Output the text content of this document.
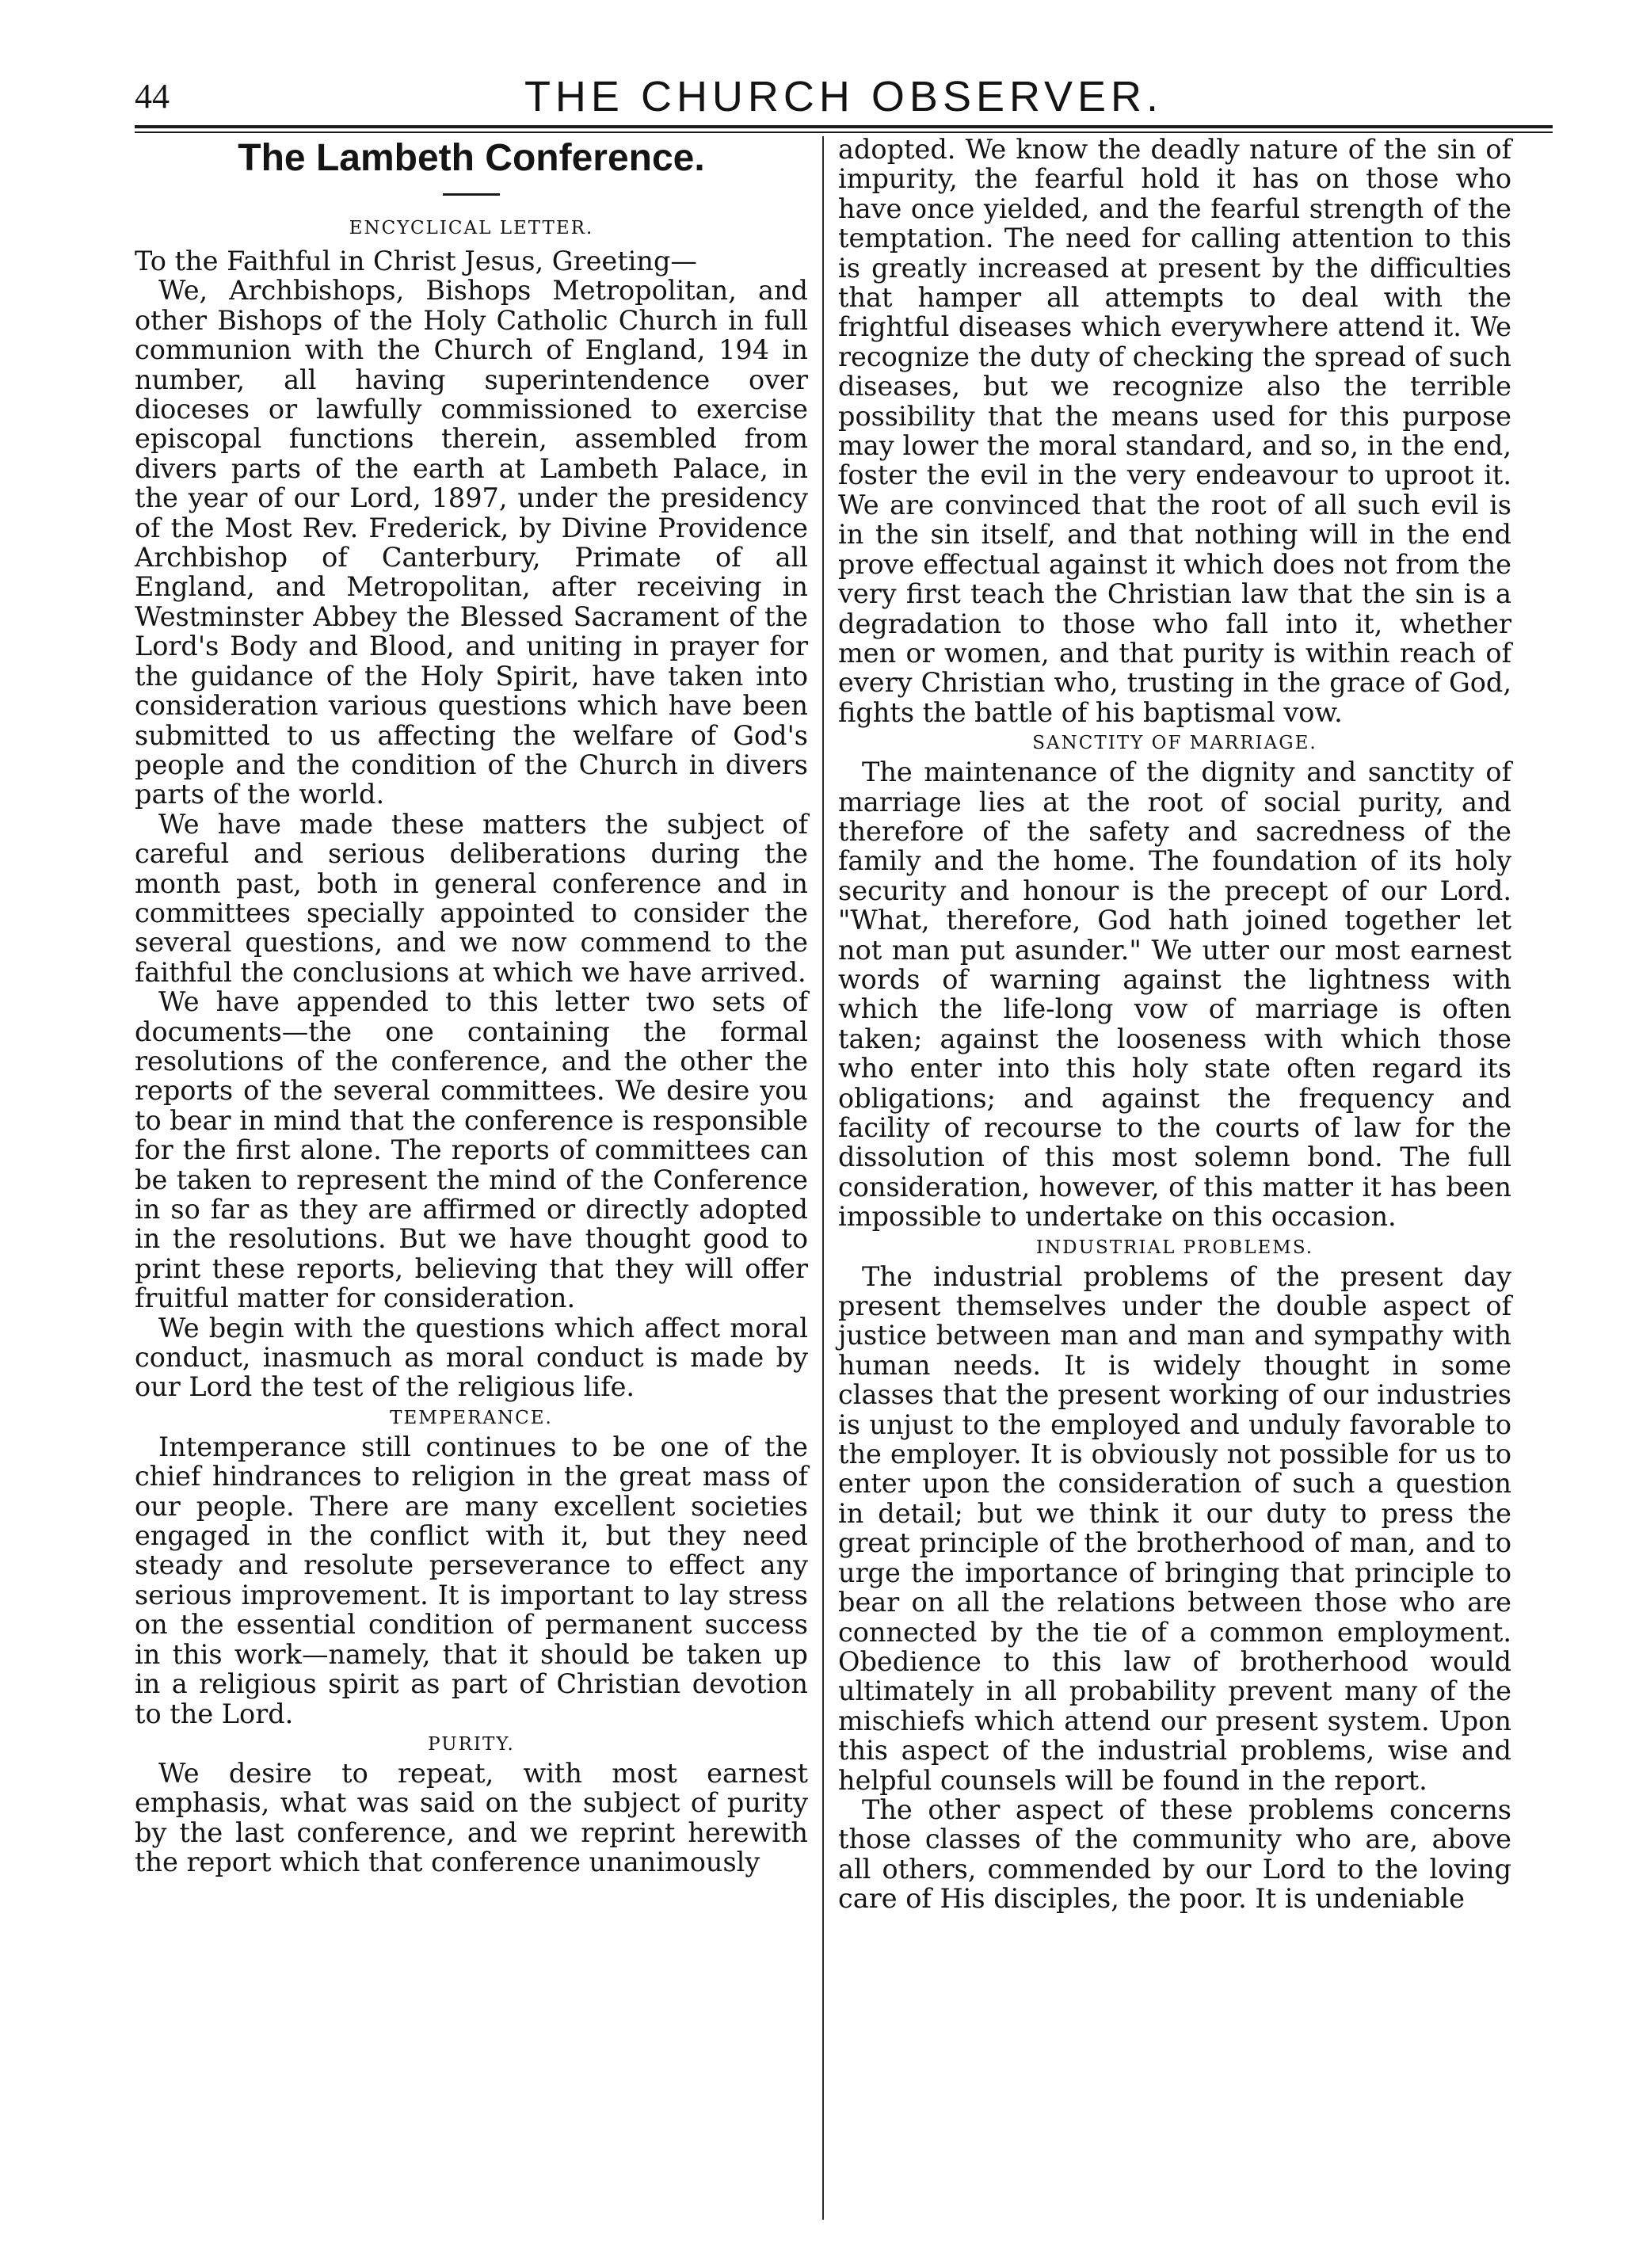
44	THE CHURCH OBSERVER.
The Lambeth Conference.
ENCYCLICAL LETTER.

To the Faithful in Christ Jesus, Greeting—

We, Archbishops, Bishops Metropolitan, and other Bishops of the Holy Catholic Church in full communion with the Church of England, 194 in number, all having superintendence over dioceses or lawfully commissioned to exercise episcopal functions therein, assembled from divers parts of the earth at Lambeth Palace, in the year of our Lord, 1897, under the presidency of the Most Rev. Frederick, by Divine Providence Archbishop of Canterbury, Primate of all England, and Metropolitan, after receiving in Westminster Abbey the Blessed Sacrament of the Lord's Body and Blood, and uniting in prayer for the guidance of the Holy Spirit, have taken into consideration various questions which have been submitted to us affecting the welfare of God's people and the condition of the Church in divers parts of the world.

We have made these matters the subject of careful and serious deliberations during the month past, both in general conference and in committees specially appointed to consider the several questions, and we now commend to the faithful the conclusions at which we have arrived.

We have appended to this letter two sets of documents—the one containing the formal resolutions of the conference, and the other the reports of the several committees. We desire you to bear in mind that the conference is responsible for the first alone. The reports of committees can be taken to represent the mind of the Conference in so far as they are affirmed or directly adopted in the resolutions. But we have thought good to print these reports, believing that they will offer fruitful matter for consideration.

We begin with the questions which affect moral conduct, inasmuch as moral conduct is made by our Lord the test of the religious life.

TEMPERANCE.

Intemperance still continues to be one of the chief hindrances to religion in the great mass of our people. There are many excellent societies engaged in the conflict with it, but they need steady and resolute perseverance to effect any serious improvement. It is important to lay stress on the essential condition of permanent success in this work—namely, that it should be taken up in a religious spirit as part of Christian devotion to the Lord.

PURITY.

We desire to repeat, with most earnest emphasis, what was said on the subject of purity by the last conference, and we reprint herewith the report which that conference unanimously

adopted. We know the deadly nature of the sin of impurity, the fearful hold it has on those who have once yielded, and the fearful strength of the temptation. The need for calling attention to this is greatly increased at present by the difficulties that hamper all attempts to deal with the frightful diseases which everywhere attend it. We recognize the duty of checking the spread of such diseases, but we recognize also the terrible possibility that the means used for this purpose may lower the moral standard, and so, in the end, foster the evil in the very endeavour to uproot it. We are convinced that the root of all such evil is in the sin itself, and that nothing will in the end prove effectual against it which does not from the very first teach the Christian law that the sin is a degradation to those who fall into it, whether men or women, and that purity is within reach of every Christian who, trusting in the grace of God, fights the battle of his baptismal vow.

SANCTITY OF MARRIAGE.

The maintenance of the dignity and sanctity of marriage lies at the root of social purity, and therefore of the safety and sacredness of the family and the home. The foundation of its holy security and honour is the precept of our Lord. "What, therefore, God hath joined together let not man put asunder." We utter our most earnest words of warning against the lightness with which the life-long vow of marriage is often taken; against the looseness with which those who enter into this holy state often regard its obligations; and against the frequency and facility of recourse to the courts of law for the dissolution of this most solemn bond. The full consideration, however, of this matter it has been impossible to undertake on this occasion.

INDUSTRIAL PROBLEMS.

The industrial problems of the present day present themselves under the double aspect of justice between man and man and sympathy with human needs. It is widely thought in some classes that the present working of our industries is unjust to the employed and unduly favorable to the employer. It is obviously not possible for us to enter upon the consideration of such a question in detail; but we think it our duty to press the great principle of the brotherhood of man, and to urge the importance of bringing that principle to bear on all the relations between those who are connected by the tie of a common employment. Obedience to this law of brotherhood would ultimately in all probability prevent many of the mischiefs which attend our present system. Upon this aspect of the industrial problems, wise and helpful counsels will be found in the report.

The other aspect of these problems concerns those classes of the community who are, above all others, commended by our Lord to the loving care of His disciples, the poor. It is undeniable
